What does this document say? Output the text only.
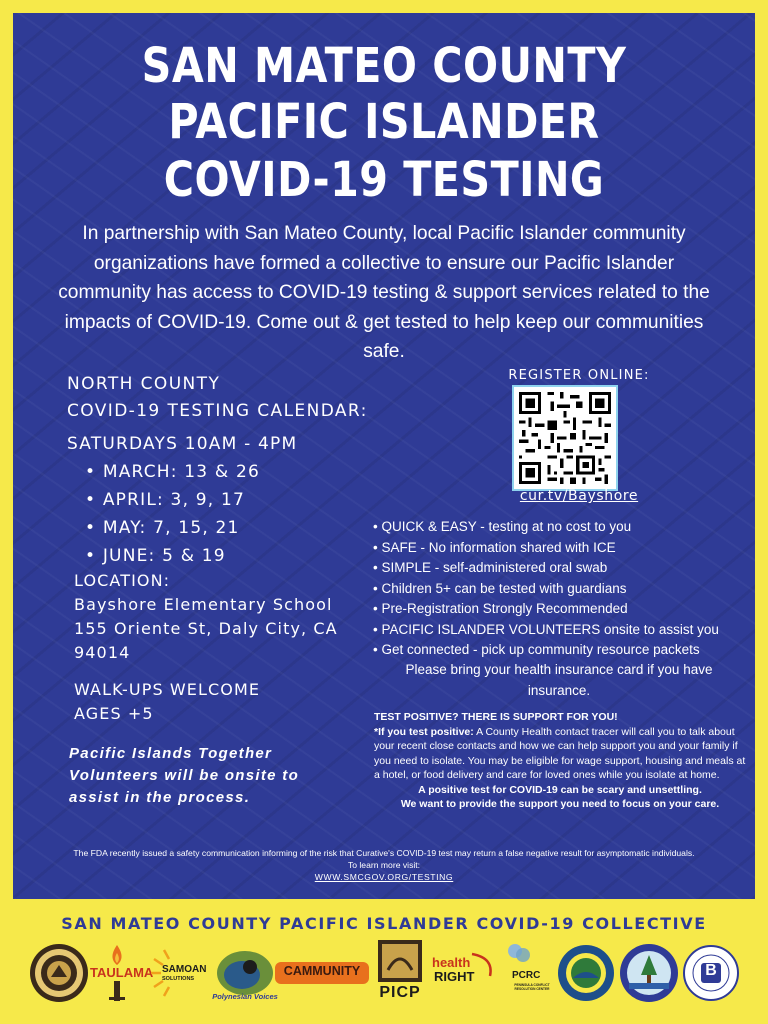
SAN MATEO COUNTY
PACIFIC ISLANDER
COVID-19 TESTING

In partnership with San Mateo County, local Pacific Islander community organizations have formed a collective to ensure our Pacific Islander community has access to COVID-19 testing & support services related to the impacts of COVID-19. Come out & get tested to help keep our communities safe.

NORTH COUNTY
COVID-19 TESTING CALENDAR:
SATURDAYS 10AM - 4PM
• MARCH: 13 & 26
• APRIL: 3, 9, 17
• MAY: 7, 15, 21
• JUNE: 5 & 19
LOCATION:
Bayshore Elementary School
155 Oriente St, Daly City, CA
94014
WALK-UPS WELCOME
AGES +5
Pacific Islands Together
Volunteers will be onsite to
assist in the process.
REGISTER ONLINE:
cur.tv/Bayshore
• QUICK & EASY - testing at no cost to you
• SAFE - No information shared with ICE
• SIMPLE - self-administered oral swab
• Children 5+ can be tested with guardians
• Pre-Registration Strongly Recommended
• PACIFIC ISLANDER VOLUNTEERS onsite to assist you
• Get connected - pick up community resource packets
Please bring your health insurance card if you have insurance.
TEST POSITIVE? THERE IS SUPPORT FOR YOU!
*If you test positive: A County Health contact tracer will call you to talk about your recent close contacts and how we can help support you and your family if you need to isolate. You may be eligible for wage support, housing and meals at a hotel, or food delivery and care for loved ones while you isolate at home.
A positive test for COVID-19 can be scary and unsettling.
We want to provide the support you need to focus on your care.
The FDA recently issued a safety communication informing of the risk that Curative's COVID-19 test may return a false negative result for asymptomatic individuals.
To learn more visit:
WWW.SMCGOV.ORG/TESTING
SAN MATEO COUNTY PACIFIC ISLANDER COVID-19 COLLECTIVE
TAULAMA SAMOAN
SOLUTIONS
Polynesian Voices
CAMMUNITY
PICP
health
RIGHT	PCRC
PENINSULA CONFLICT RESOLUTION CENTER
B
